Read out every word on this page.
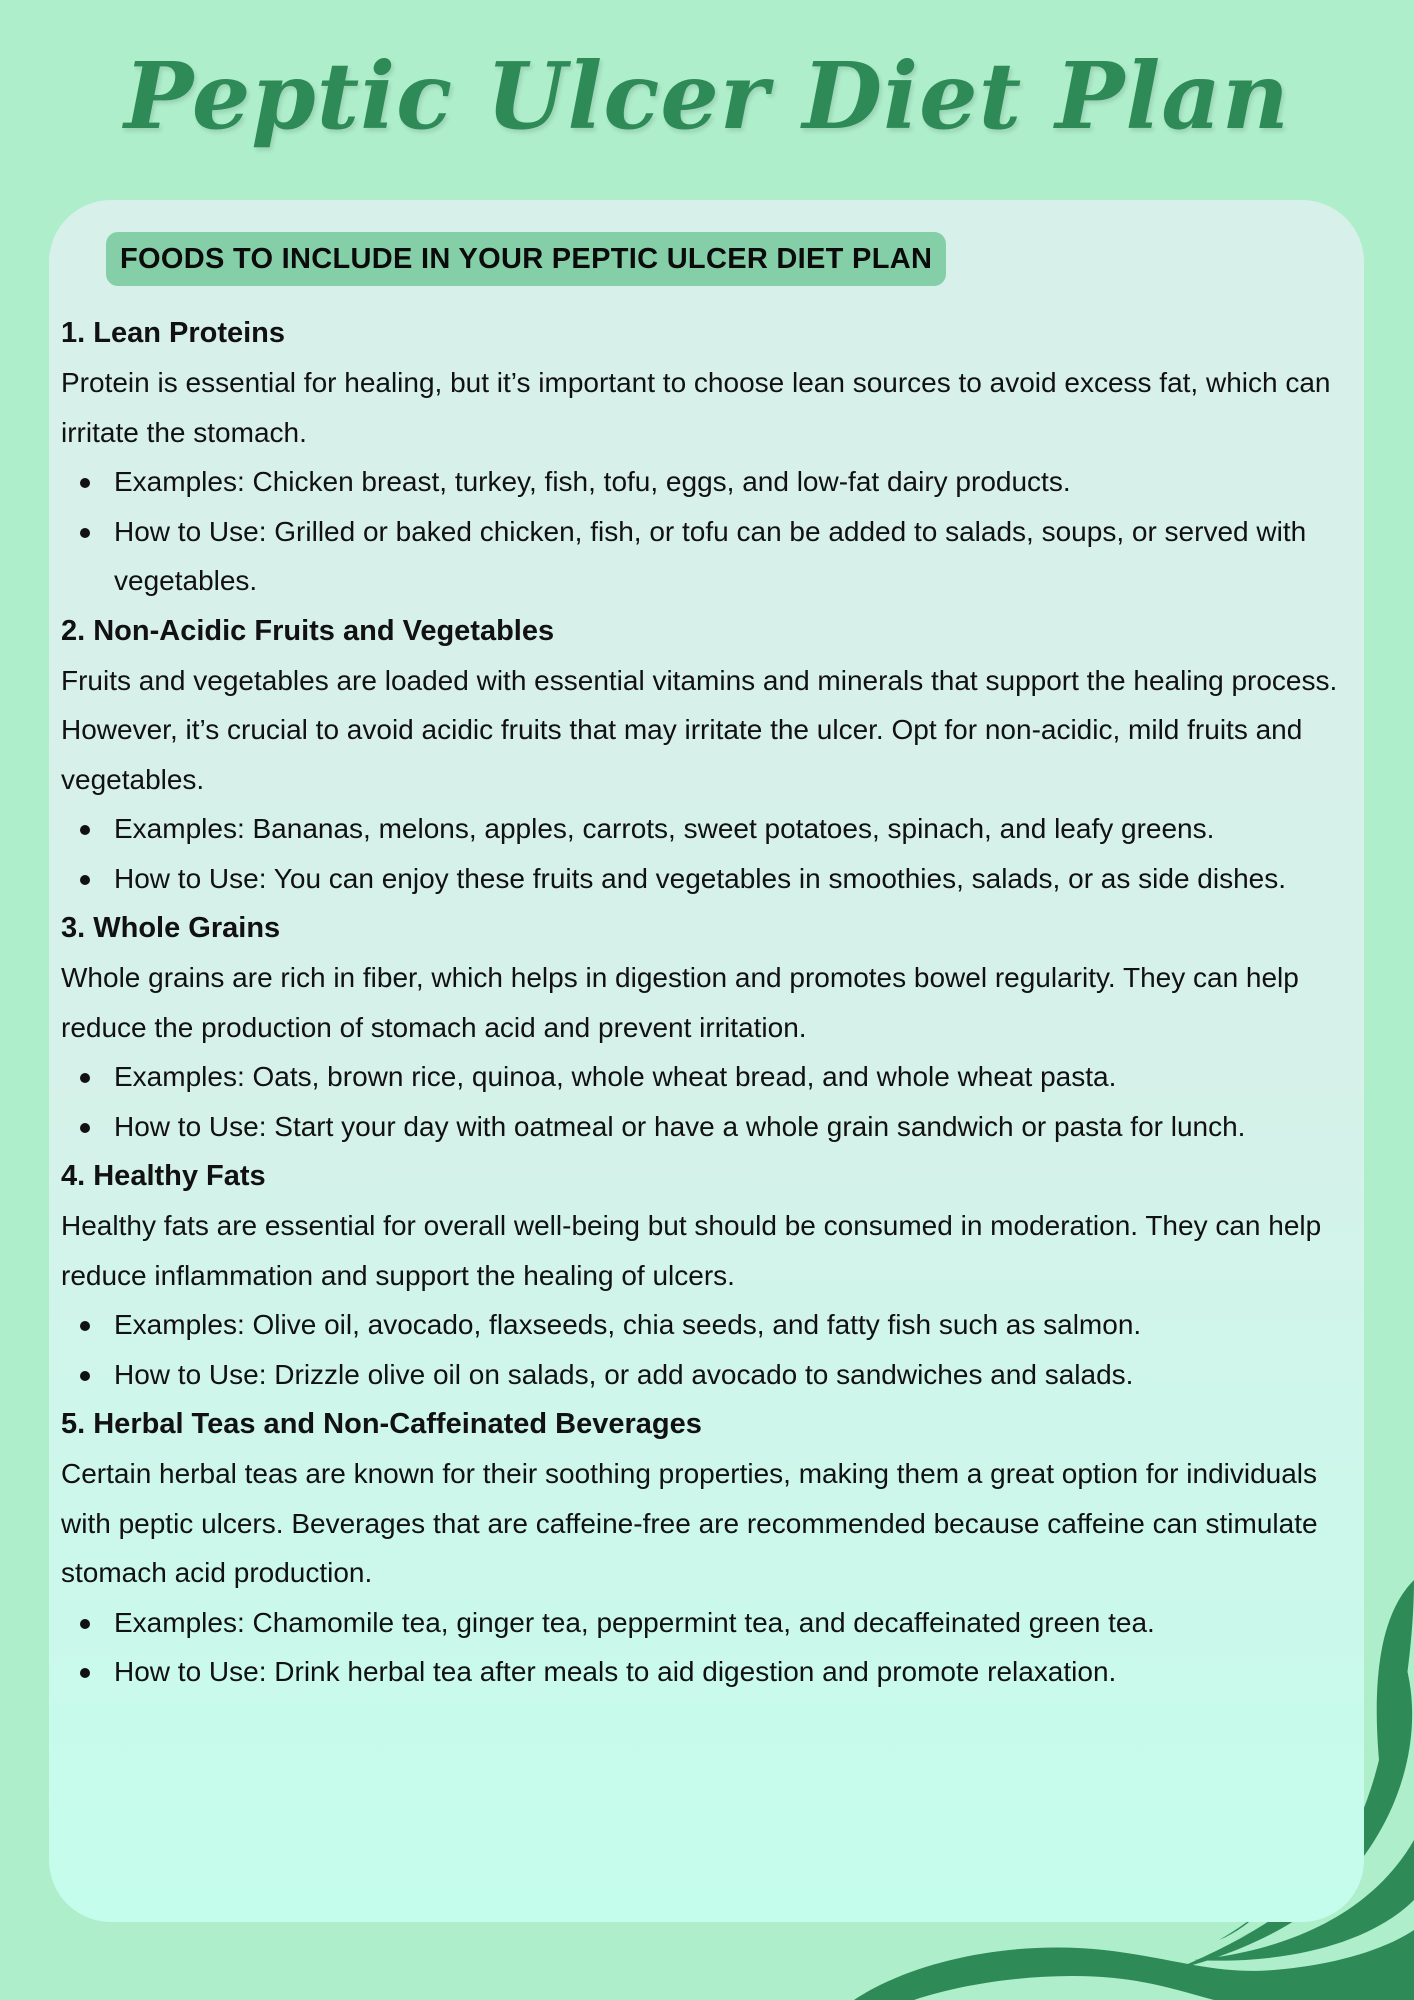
Peptic Ulcer Diet Plan
FOODS TO INCLUDE IN YOUR PEPTIC ULCER DIET PLAN

1. Lean Proteins

Protein is essential for healing, but it’s important to choose lean sources to avoid excess fat, which can irritate the stomach.

Examples: Chicken breast, turkey, fish, tofu, eggs, and low-fat dairy products.
How to Use: Grilled or baked chicken, fish, or tofu can be added to salads, soups, or served with vegetables.

2. Non-Acidic Fruits and Vegetables

Fruits and vegetables are loaded with essential vitamins and minerals that support the healing process. However, it’s crucial to avoid acidic fruits that may irritate the ulcer. Opt for non-acidic, mild fruits and vegetables.

Examples: Bananas, melons, apples, carrots, sweet potatoes, spinach, and leafy greens.
How to Use: You can enjoy these fruits and vegetables in smoothies, salads, or as side dishes.

3. Whole Grains

Whole grains are rich in fiber, which helps in digestion and promotes bowel regularity. They can help reduce the production of stomach acid and prevent irritation.

Examples: Oats, brown rice, quinoa, whole wheat bread, and whole wheat pasta.
How to Use: Start your day with oatmeal or have a whole grain sandwich or pasta for lunch.

4. Healthy Fats

Healthy fats are essential for overall well-being but should be consumed in moderation. They can help reduce inflammation and support the healing of ulcers.

Examples: Olive oil, avocado, flaxseeds, chia seeds, and fatty fish such as salmon.
How to Use: Drizzle olive oil on salads, or add avocado to sandwiches and salads.

5. Herbal Teas and Non-Caffeinated Beverages

Certain herbal teas are known for their soothing properties, making them a great option for individuals with peptic ulcers. Beverages that are caffeine-free are recommended because caffeine can stimulate stomach acid production.

Examples: Chamomile tea, ginger tea, peppermint tea, and decaffeinated green tea.
How to Use: Drink herbal tea after meals to aid digestion and promote relaxation.
